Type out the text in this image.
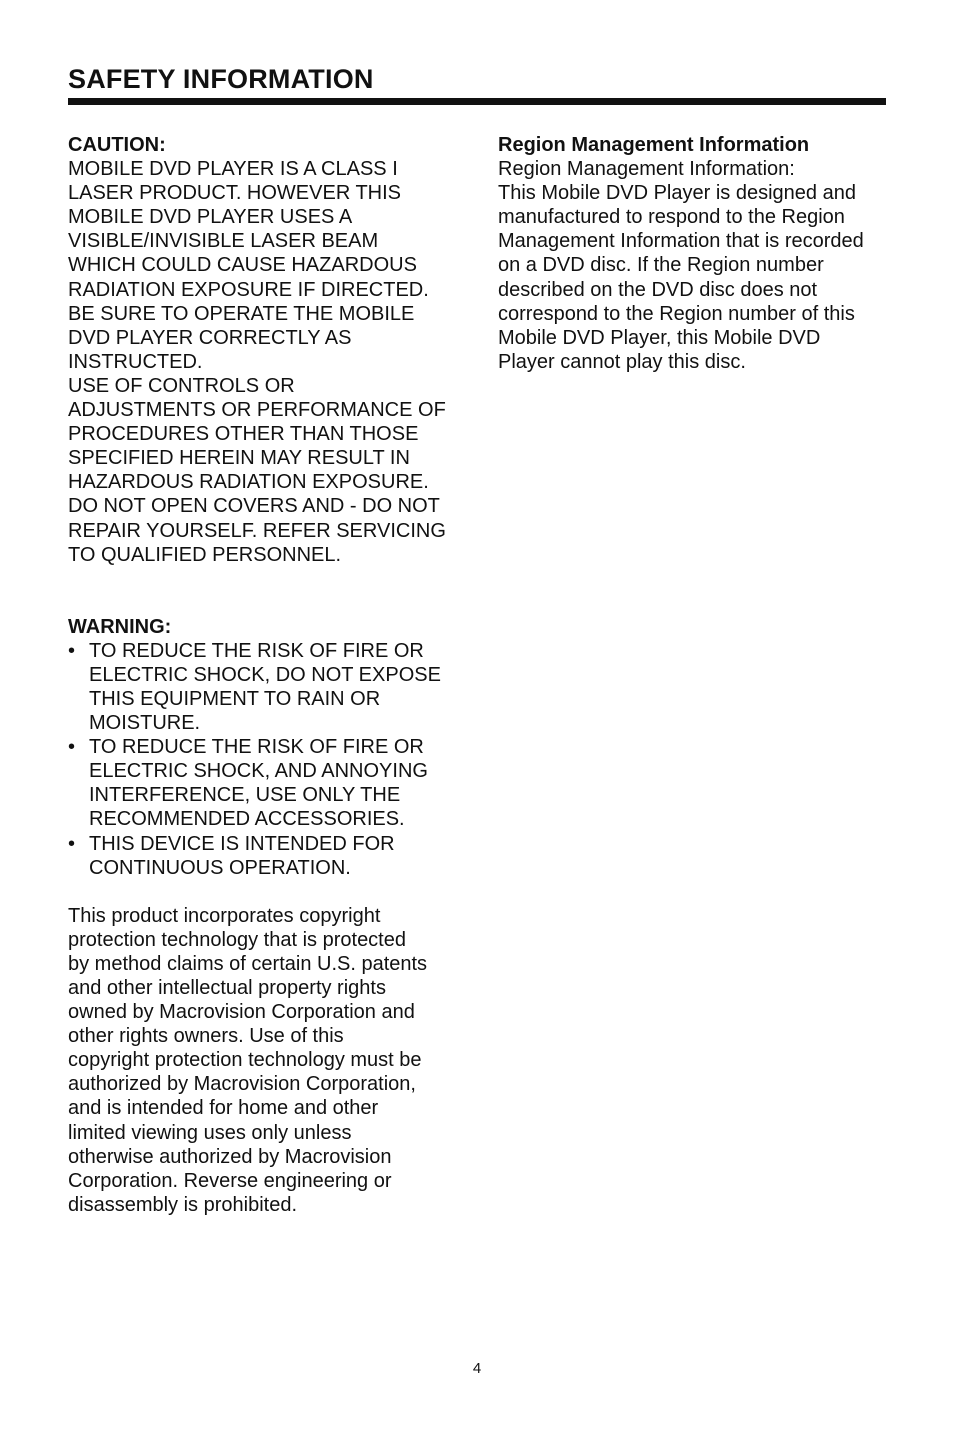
SAFETY INFORMATION
CAUTION:
MOBILE DVD PLAYER IS A CLASS I
LASER PRODUCT. HOWEVER THIS
MOBILE DVD PLAYER USES A
VISIBLE/INVISIBLE LASER BEAM
WHICH COULD CAUSE HAZARDOUS
RADIATION EXPOSURE IF DIRECTED.
BE SURE TO OPERATE THE MOBILE
DVD PLAYER CORRECTLY AS
INSTRUCTED.
USE OF CONTROLS OR
ADJUSTMENTS OR PERFORMANCE OF
PROCEDURES OTHER THAN THOSE
SPECIFIED HEREIN MAY RESULT IN
HAZARDOUS RADIATION EXPOSURE.
DO NOT OPEN COVERS AND - DO NOT
REPAIR YOURSELF. REFER SERVICING
TO QUALIFIED PERSONNEL.
WARNING:
• TO REDUCE THE RISK OF FIRE OR
ELECTRIC SHOCK, DO NOT EXPOSE
THIS EQUIPMENT TO RAIN OR
MOISTURE.
• TO REDUCE THE RISK OF FIRE OR
ELECTRIC SHOCK, AND ANNOYING
INTERFERENCE, USE ONLY THE
RECOMMENDED ACCESSORIES.
• THIS DEVICE IS INTENDED FOR
CONTINUOUS OPERATION.
This product incorporates copyright
protection technology that is protected
by method claims of certain U.S. patents
and other intellectual property rights
owned by Macrovision Corporation and
other rights owners. Use of this
copyright protection technology must be
authorized by Macrovision Corporation,
and is intended for home and other
limited viewing uses only unless
otherwise authorized by Macrovision
Corporation. Reverse engineering or
disassembly is prohibited.
Region Management Information
Region Management Information:
This Mobile DVD Player is designed and
manufactured to respond to the Region
Management Information that is recorded
on a DVD disc. If the Region number
described on the DVD disc does not
correspond to the Region number of this
Mobile DVD Player, this Mobile DVD
Player cannot play this disc.
4
